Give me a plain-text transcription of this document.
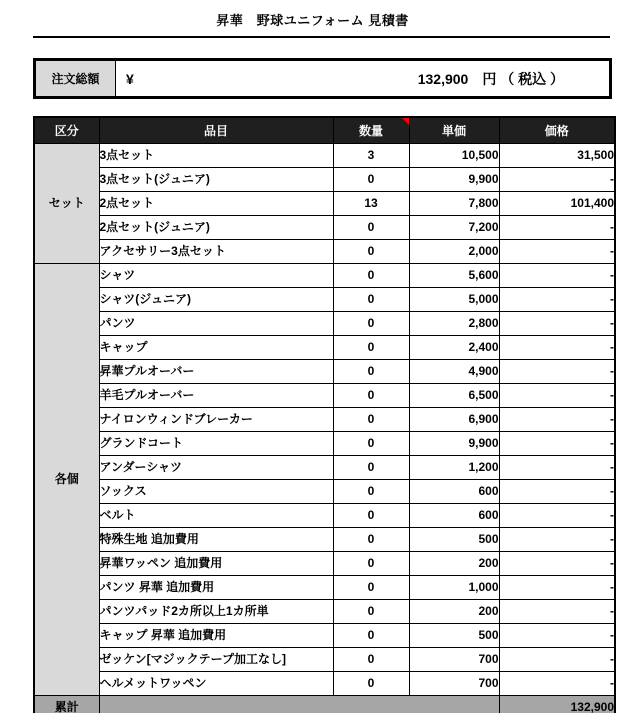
昇華　野球ユニフォーム 見積書
注文総額	¥	132,900 円 （ 税込 ）
区分	品目	数量	単価	価格
セット	3点セット	3	10,500	31,500
	3点セット(ジュニア)	0	9,900	-
	2点セット	13	7,800	101,400
	2点セット(ジュニア)	0	7,200	-
	アクセサリー3点セット	0	2,000	-
各個	シャツ	0	5,600	-
	シャツ(ジュニア)	0	5,000	-
	パンツ	0	2,800	-
	キャップ	0	2,400	-
	昇華プルオーバー	0	4,900	-
	羊毛プルオーバー	0	6,500	-
	ナイロンウィンドブレーカー	0	6,900	-
	グランドコート	0	9,900	-
	アンダーシャツ	0	1,200	-
	ソックス	0	600	-
	ベルト	0	600	-
	特殊生地 追加費用	0	500	-
	昇華ワッペン 追加費用	0	200	-
	パンツ 昇華 追加費用	0	1,000	-
	パンツパッド2カ所以上1カ所単	0	200	-
	キャップ 昇華 追加費用	0	500	-
	ゼッケン[マジックテープ加工なし]	0	700	-
	ヘルメットワッペン	0	700	-
累計				132,900
